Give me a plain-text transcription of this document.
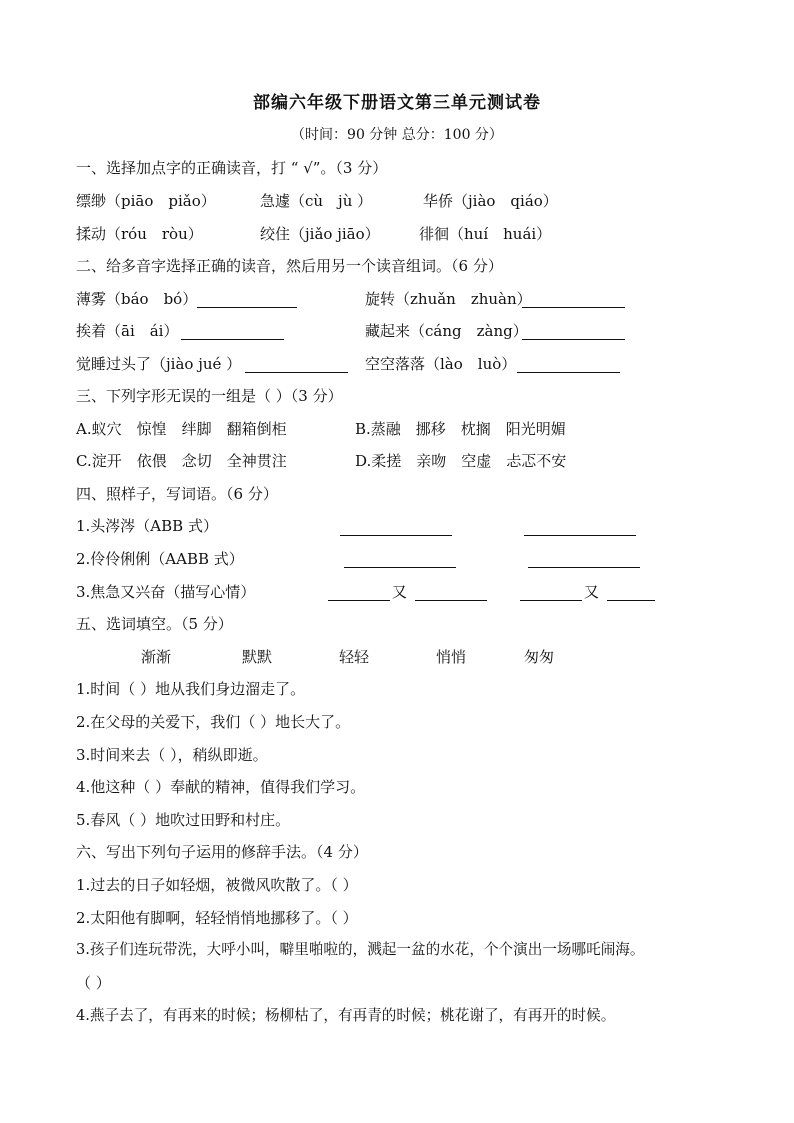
部编六年级下册语文第三单元测试卷
（时间：90 分钟 总分：100 分）
一、选择加点字的正确读音，打 “ √”。（3 分）
缥缈（piāo　piǎo）	急遽（cù　jù ）	华侨（jiào　qiáo）
揉动（róu　ròu）	绞住（jiǎo jiāo）	徘徊（huí　huái）
二、给多音字选择正确的读音，然后用另一个读音组词。（6 分）
薄雾（báo　bó）	旋转（zhuǎn　zhuàn）
挨着（āi　ái）	藏起来（cáng　zàng）
觉睡过头了（jiào jué ）	空空落落（lào　luò）
三、下列字形无误的一组是（ ）（3 分）
A.蚁穴　惊惶　绊脚　翻箱倒柜	B.蒸融　挪移　枕搁　阳光明媚
C.淀开　依偎　念切　全神贯注	D.柔搓　亲吻　空虚　忐忑不安
四、照样子，写词语。（6 分）
1.头涔涔（ABB 式）
2.伶伶俐俐（AABB 式）
3.焦急又兴奋（描写心情）	又	又
五、选词填空。（5 分）
渐渐	默默	轻轻	悄悄	匆匆
1.时间（ ）地从我们身边溜走了。
2.在父母的关爱下，我们（ ）地长大了。
3.时间来去（ ），稍纵即逝。
4.他这种（ ）奉献的精神，值得我们学习。
5.春风（ ）地吹过田野和村庄。
六、写出下列句子运用的修辞手法。（4 分）
1.过去的日子如轻烟，被微风吹散了。（ ）
2.太阳他有脚啊，轻轻悄悄地挪移了。（ ）
3.孩子们连玩带洗，大呼小叫，噼里啪啦的，溅起一盆的水花，个个演出一场哪吒闹海。
（ ）
4.燕子去了，有再来的时候；杨柳枯了，有再青的时候；桃花谢了，有再开的时候。
